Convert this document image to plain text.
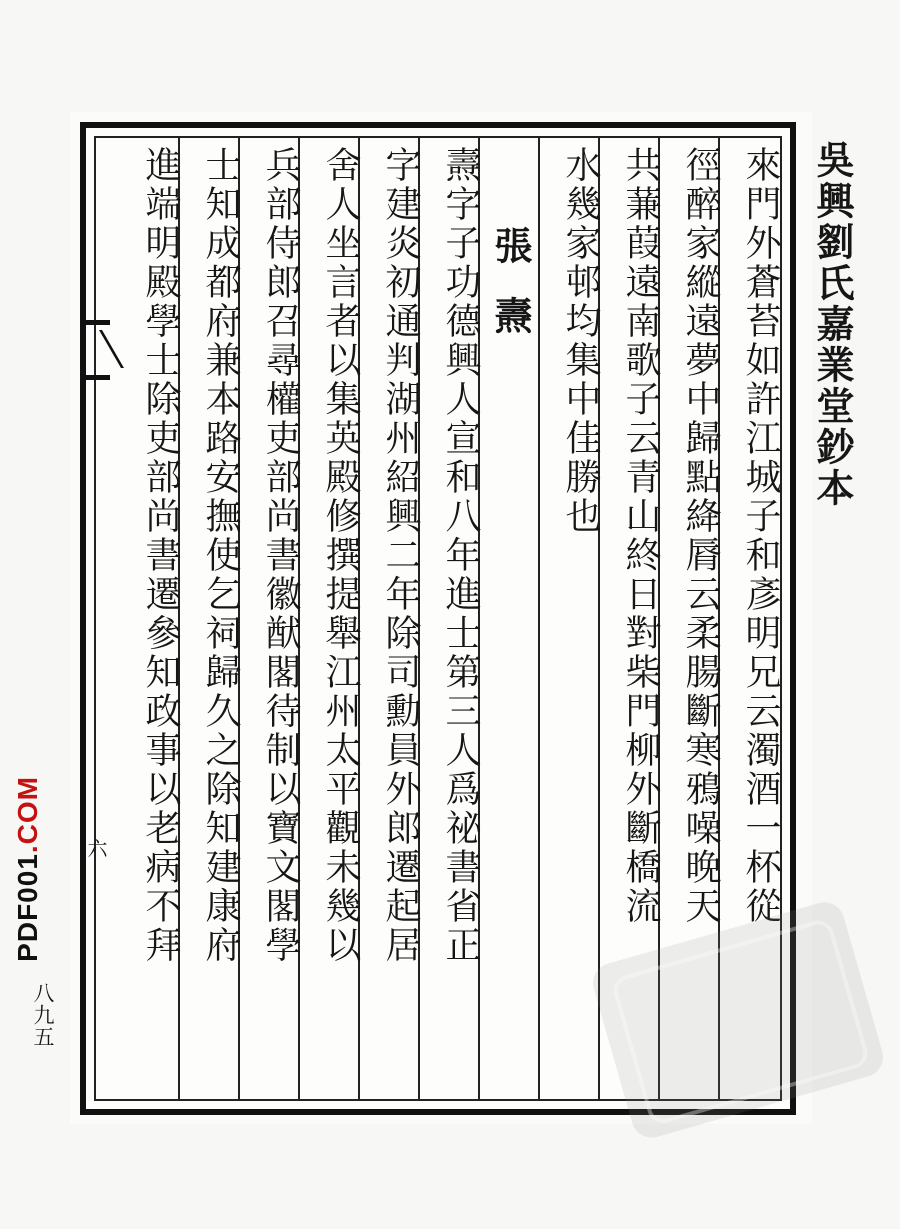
吳興劉氏嘉業堂鈔本
來門外蒼苔如許江城子和彥明兄云濁酒一杯從
徑醉家縱遠夢中歸點絳脣云柔腸斷寒鴉噪晚天
共蒹葭遠南歌子云青山終日對柴門柳外斷橋流
水幾家邨均集中佳勝也
張燾
燾字子功德興人宣和八年進士第三人爲祕書省正
字建炎初通判湖州紹興二年除司勳員外郎遷起居
舍人坐言者以集英殿修撰提舉江州太平觀未幾以
兵部侍郎召尋權吏部尚書徽猷閣待制以寶文閣學
士知成都府兼本路安撫使乞祠歸久之除知建康府
進端明殿學士除吏部尚書遷參知政事以老病不拜
六
PDF001.COM
八九五
